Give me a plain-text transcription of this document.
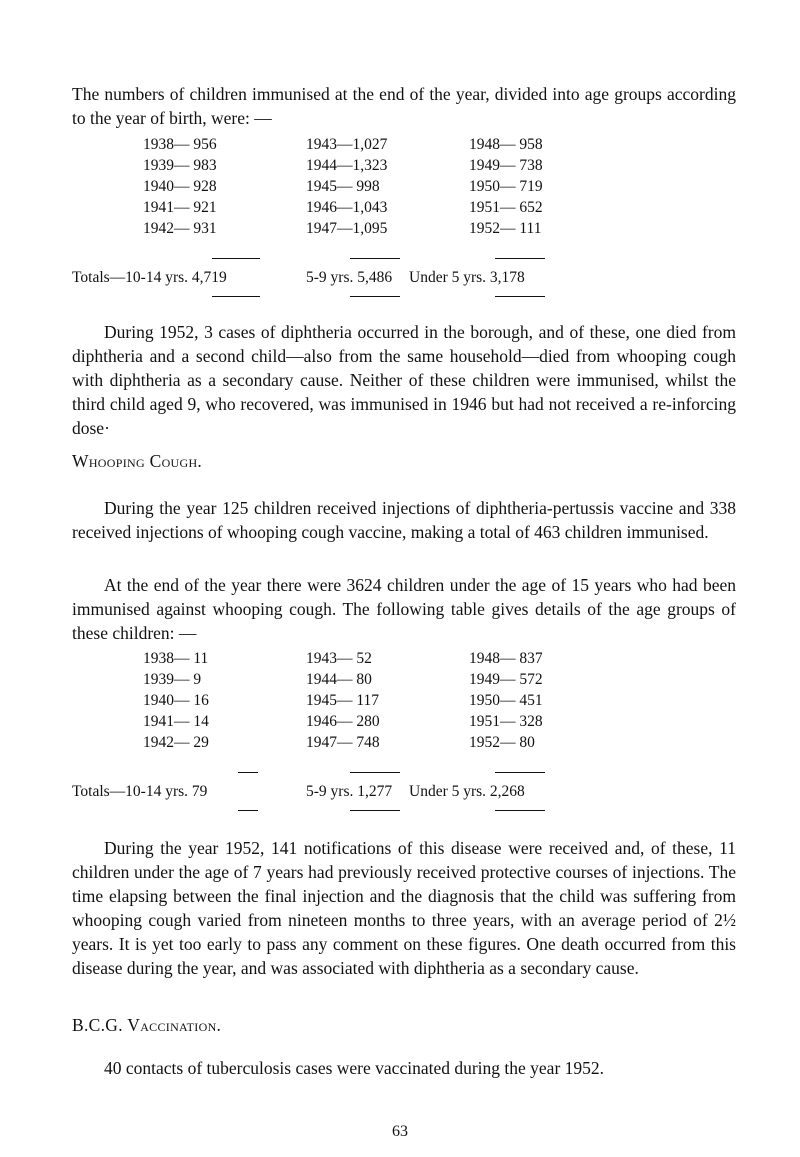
The numbers of children immunised at the end of the year, divided into age groups according to the year of birth, were: —

1938— 956	1943—1,027	1948— 958
1939— 983	1944—1,323	1949— 738
1940— 928	1945— 998	1950— 719
1941— 921	1946—1,043	1951— 652
1942— 931	1947—1,095	1952— 111
Totals—10-14 yrs. 4,719	5-9 yrs. 5,486 Under 5 yrs. 3,178

During 1952, 3 cases of diphtheria occurred in the borough, and of these, one died from diphtheria and a second child—also from the same household—died from whooping cough with diphtheria as a secondary cause. Neither of these children were immunised, whilst the third child aged 9, who recovered, was immunised in 1946 but had not received a re-inforcing dose·

Whooping Cough.

During the year 125 children received injections of diphtheria-pertussis vaccine and 338 received injections of whooping cough vaccine, making a total of 463 children immunised.

At the end of the year there were 3624 children under the age of 15 years who had been immunised against whooping cough. The following table gives details of the age groups of these children: —

1938— 11	1943— 52	1948— 837
1939— 9	1944— 80	1949— 572
1940— 16	1945— 117	1950— 451
1941— 14	1946— 280	1951— 328
1942— 29	1947— 748	1952— 80
Totals—10-14 yrs. 79	5-9 yrs. 1,277 Under 5 yrs. 2,268

During the year 1952, 141 notifications of this disease were received and, of these, 11 children under the age of 7 years had previously received protective courses of injections. The time elapsing between the final injection and the diagnosis that the child was suffering from whooping cough varied from nineteen months to three years, with an average period of 2½ years. It is yet too early to pass any comment on these figures. One death occurred from this disease during the year, and was associated with diphtheria as a secondary cause.

B.C.G. Vaccination.

40 contacts of tuberculosis cases were vaccinated during the year 1952.

63
